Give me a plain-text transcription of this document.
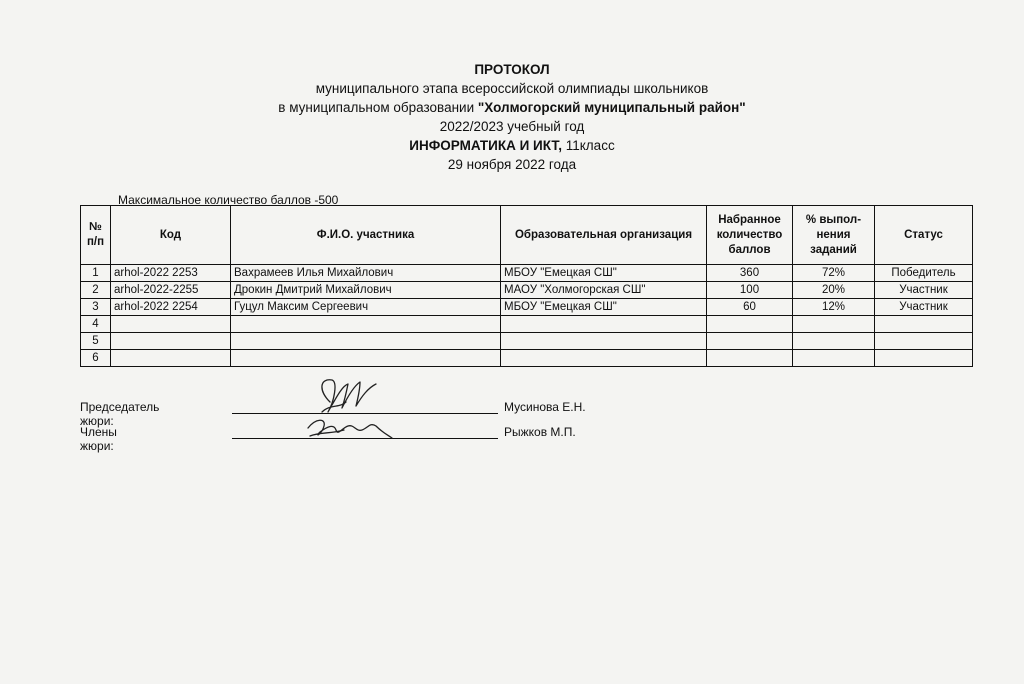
ПРОТОКОЛ
муниципального этапа всероссийской олимпиады школьников
в муниципальном образовании "Холмогорский муниципальный район"
2022/2023 учебный год
ИНФОРМАТИКА И ИКТ, 11класс
29 ноября 2022 года
Максимальное количество баллов -500
№ п/п	Код	Ф.И.О. участника	Образовательная организация	Набранное количество баллов	% выпол-нения заданий	Статус
1	arhol-2022 2253	Вахрамеев Илья Михайлович	МБОУ "Емецкая СШ"	360	72%	Победитель
2	arhol-2022-2255	Дрокин Дмитрий Михайлович	МАОУ "Холмогорская СШ"	100	20%	Участник
3	arhol-2022 2254	Гуцул Максим Сергеевич	МБОУ "Емецкая СШ"	60	12%	Участник
4						
5						
6						
Председатель жюри:
Мусинова Е.Н.
Члены жюри:
Рыжков М.П.
